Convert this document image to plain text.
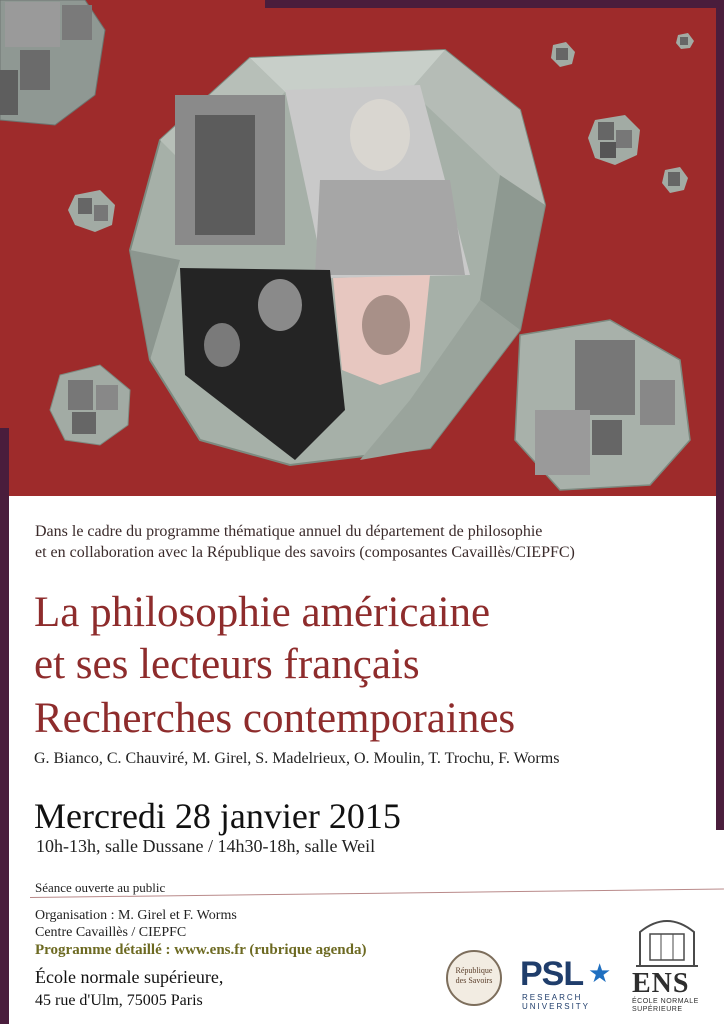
Dans le cadre du programme thématique annuel du département de philosophie
et en collaboration avec la République des savoirs (composantes Cavaillès/CIEPFC)
La philosophie américaine
et ses lecteurs français
Recherches contemporaines
G. Bianco, C. Chauviré, M. Girel, S. Madelrieux, O. Moulin, T. Trochu, F. Worms
Mercredi 28 janvier 2015
10h-13h, salle Dussane / 14h30-18h, salle Weil
Séance ouverte au public
Organisation : M. Girel et F. Worms
Centre Cavaillès / CIEPFC
Programme détaillé : www.ens.fr (rubrique agenda)
École normale supérieure,
45 rue d'Ulm, 75005 Paris
République
des Savoirs PSL ★
RESEARCH
UNIVERSITY
ENS
ÉCOLE NORMALE
SUPÉRIEURE
